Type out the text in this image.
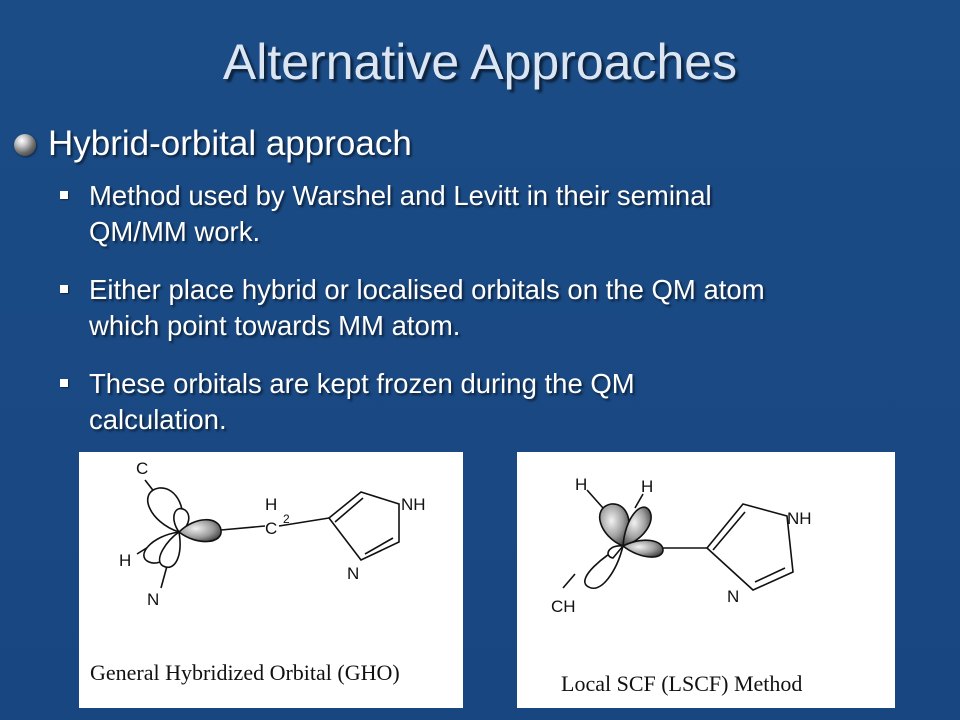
Alternative Approaches
Hybrid-orbital approach
Method used by Warshel and Levitt in their seminal
QM/MM work.
Either place hybrid or localised orbitals on the QM atom
which point towards MM atom.
These orbitals are kept frozen during the QM
calculation.
C
H
N
H
2
C
NH
N
General Hybridized Orbital (GHO)
H	H
CH
NH
N
Local SCF (LSCF) Method
